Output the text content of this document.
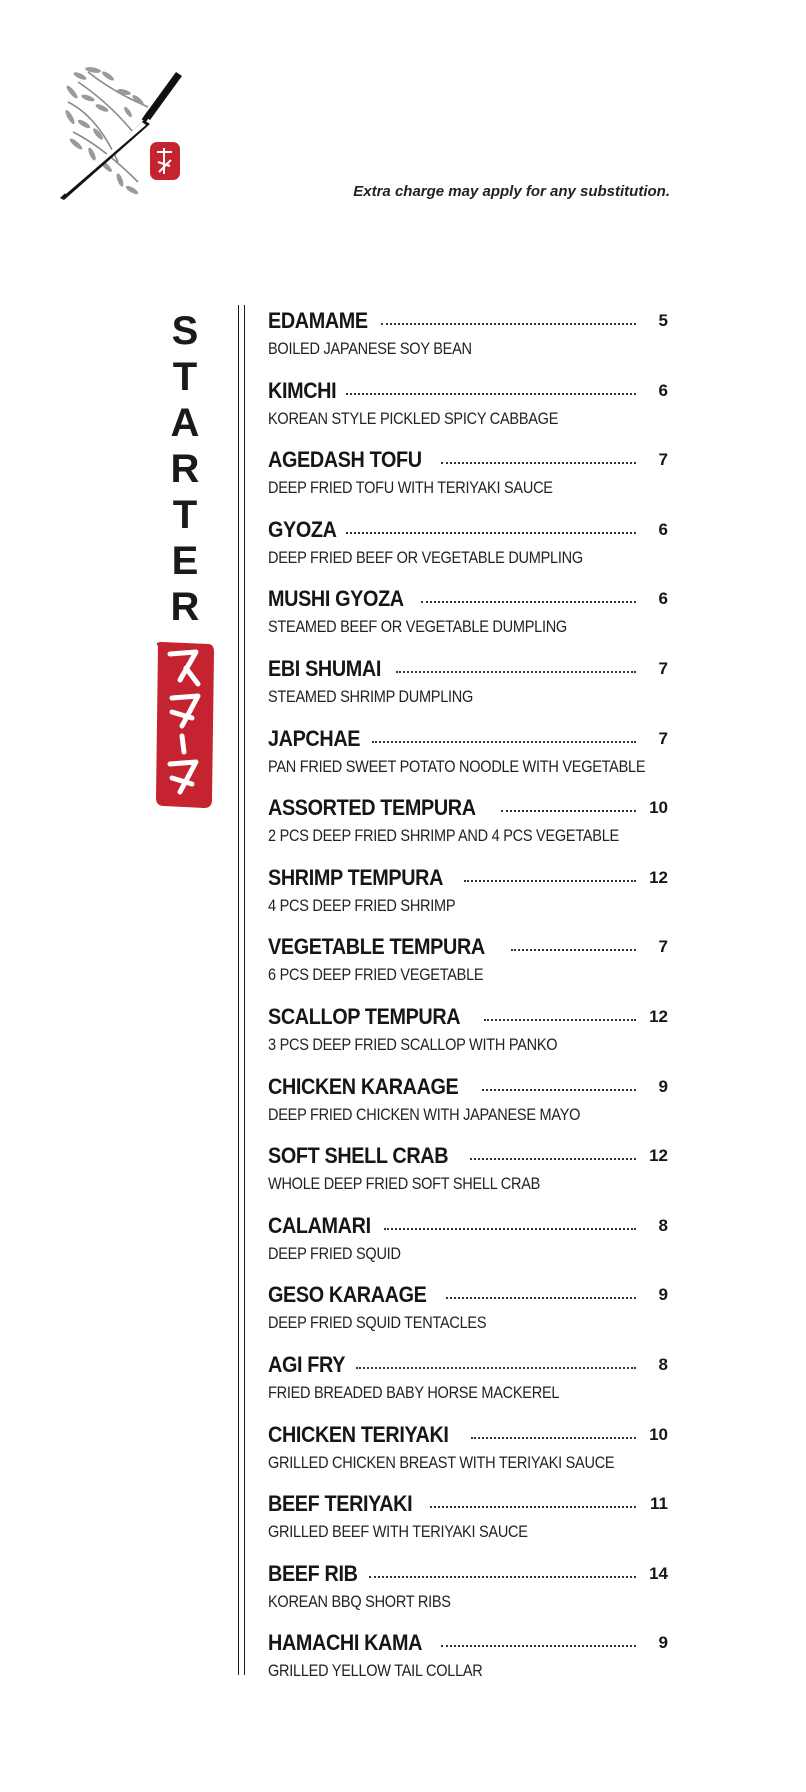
Extra charge may apply for any substitution.
S
T
A
R
T
E
R
EDAMAME	5
BOILED JAPANESE SOY BEAN
KIMCHI	6
KOREAN STYLE PICKLED SPICY CABBAGE
AGEDASH TOFU	7
DEEP FRIED TOFU WITH TERIYAKI SAUCE
GYOZA	6
DEEP FRIED BEEF OR VEGETABLE DUMPLING
MUSHI GYOZA	6
STEAMED BEEF OR VEGETABLE DUMPLING
EBI SHUMAI	7
STEAMED SHRIMP DUMPLING
JAPCHAE	7
PAN FRIED SWEET POTATO NOODLE WITH VEGETABLE
ASSORTED TEMPURA	10
2 PCS DEEP FRIED SHRIMP AND 4 PCS VEGETABLE
SHRIMP TEMPURA	12
4 PCS DEEP FRIED SHRIMP
VEGETABLE TEMPURA	7
6 PCS DEEP FRIED VEGETABLE
SCALLOP TEMPURA	12
3 PCS DEEP FRIED SCALLOP WITH PANKO
CHICKEN KARAAGE	9
DEEP FRIED CHICKEN WITH JAPANESE MAYO
SOFT SHELL CRAB	12
WHOLE DEEP FRIED SOFT SHELL CRAB
CALAMARI	8
DEEP FRIED SQUID
GESO KARAAGE	9
DEEP FRIED SQUID TENTACLES
AGI FRY	8
FRIED BREADED BABY HORSE MACKEREL
CHICKEN TERIYAKI	10
GRILLED CHICKEN BREAST WITH TERIYAKI SAUCE
BEEF TERIYAKI	11
GRILLED BEEF WITH TERIYAKI SAUCE
BEEF RIB	14
KOREAN BBQ SHORT RIBS
HAMACHI KAMA	9
GRILLED YELLOW TAIL COLLAR
